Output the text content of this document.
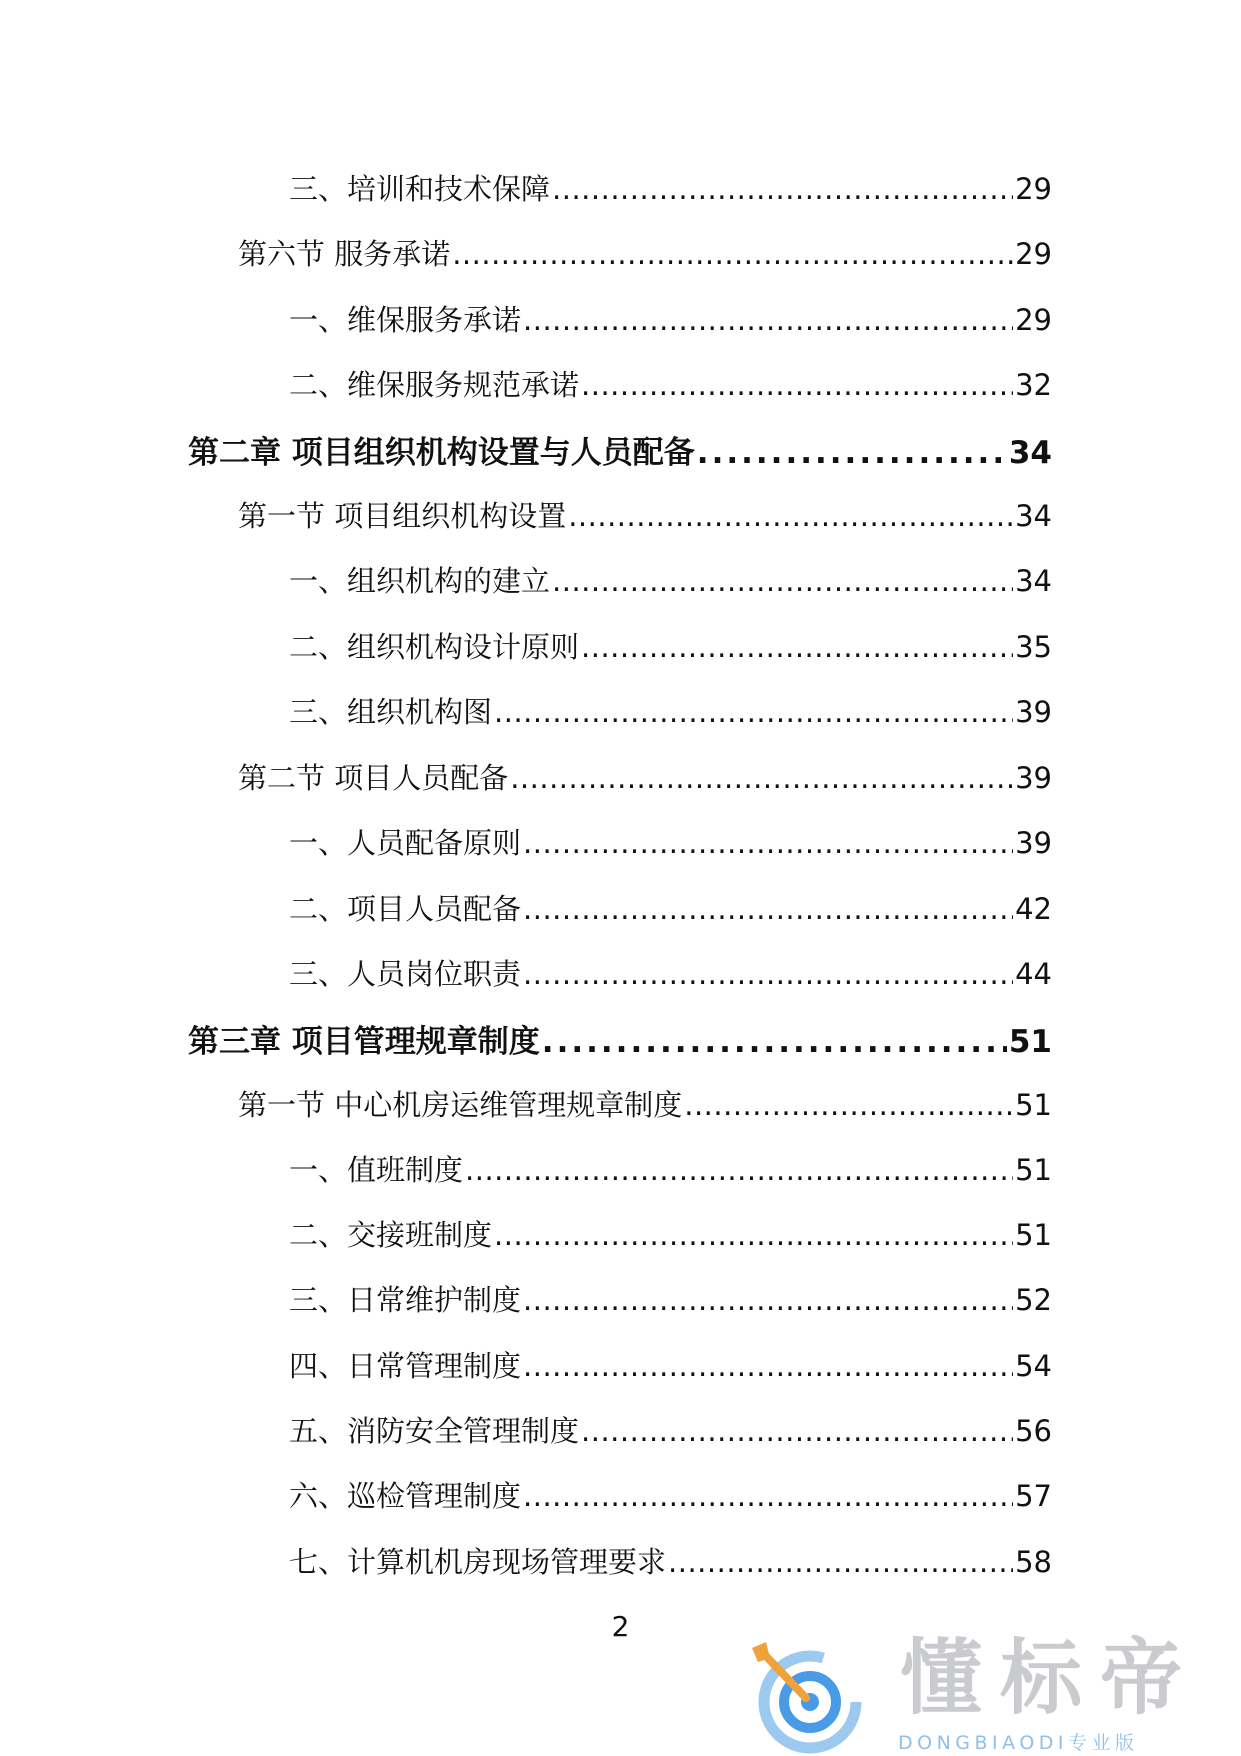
三、培训和技术保障 .....	29
第六节 服务承诺 .....	29
一、维保服务承诺 .....	29
二、维保服务规范承诺 .....	32
第二章 项目组织机构设置与人员配备 .....	34
第一节 项目组织机构设置 .....	34
一、组织机构的建立 .....	34
二、组织机构设计原则 .....	35
三、组织机构图 .....	39
第二节 项目人员配备 .....	39
一、人员配备原则 .....	39
二、项目人员配备 .....	42
三、人员岗位职责 .....	44
第三章 项目管理规章制度 .....	51
第一节 中心机房运维管理规章制度 .....	51
一、值班制度 .....	51
二、交接班制度 .....	51
三、日常维护制度 .....	52
四、日常管理制度 .....	54
五、消防安全管理制度 .....	56
六、巡检管理制度 .....	57
七、计算机机房现场管理要求 .....	58
2
懂标帝
DONGBIAODI专业版
